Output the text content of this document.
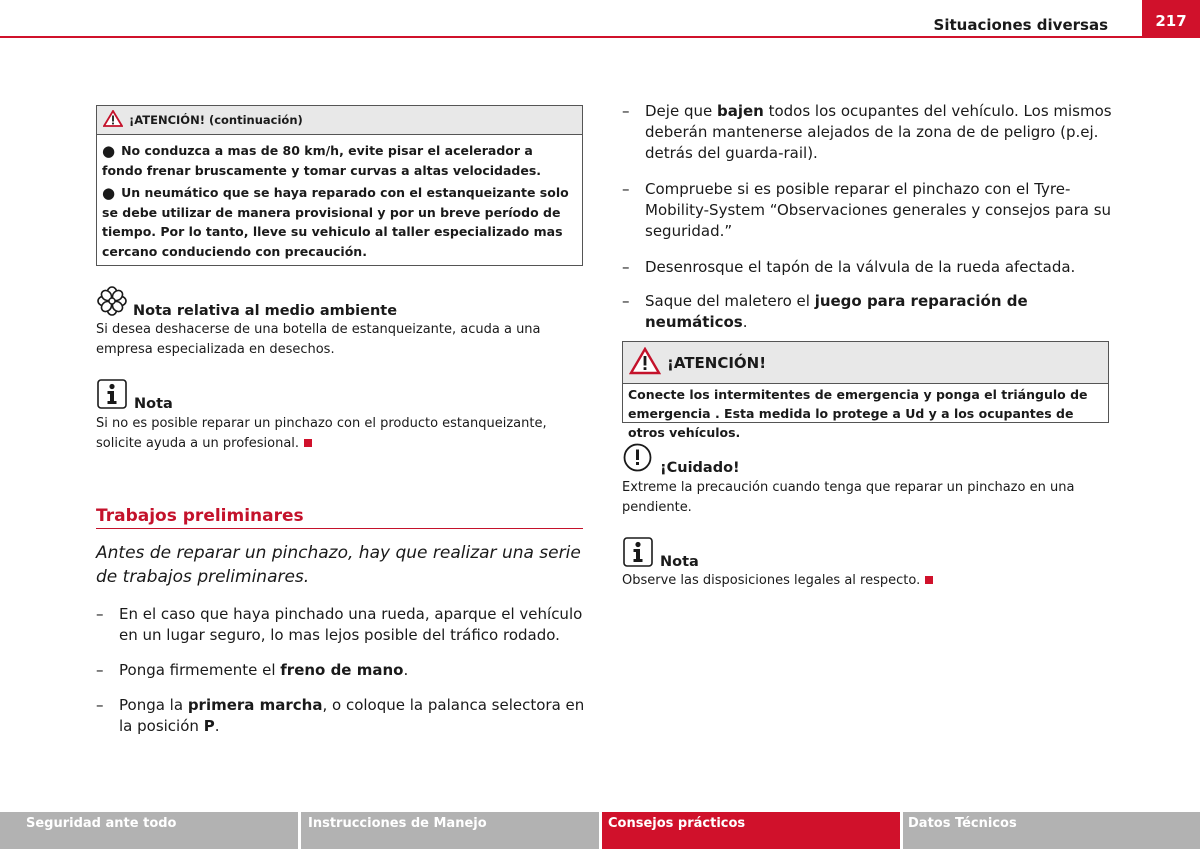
Situaciones diversas	217
¡ATENCIÓN! (continuación)

● No conduzca a mas de 80 km/h, evite pisar el acelerador a fondo frenar bruscamente y tomar curvas a altas velocidades.

● Un neumático que se haya reparado con el estanqueizante solo se debe utilizar de manera provisional y por un breve período de tiempo. Por lo tanto, lleve su vehiculo al taller especializado mas cercano conduciendo con precaución.

Nota relativa al medio ambiente
Si desea deshacerse de una botella de estanqueizante, acuda a una empresa especializada en desechos.
Nota
Si no es posible reparar un pinchazo con el producto estanqueizante, solicite ayuda a un profesional.
Trabajos preliminares
Antes de reparar un pinchazo, hay que realizar una serie de trabajos preliminares.
–	En el caso que haya pinchado una rueda, aparque el vehículo en un lugar seguro, lo mas lejos posible del tráfico rodado.
–	Ponga firmemente el freno de mano.
–	Ponga la primera marcha, o coloque la palanca selectora en la posición P.
–	Deje que bajen todos los ocupantes del vehículo. Los mismos deberán mantenerse alejados de la zona de de peligro (p.ej. detrás del guarda-rail).
–	Compruebe si es posible reparar el pinchazo con el Tyre-Mobility-System “Observaciones generales y consejos para su seguridad.”
–	Desenrosque el tapón de la válvula de la rueda afectada.
–	Saque del maletero el juego para reparación de neumáticos.
¡ATENCIÓN!
Conecte los intermitentes de emergencia y ponga el triángulo de emergencia . Esta medida lo protege a Ud y a los ocupantes de otros vehículos.
¡Cuidado!
Extreme la precaución cuando tenga que reparar un pinchazo en una pendiente.
Nota
Observe las disposiciones legales al respecto.
Seguridad ante todo	Instrucciones de Manejo	Consejos prácticos	Datos Técnicos
